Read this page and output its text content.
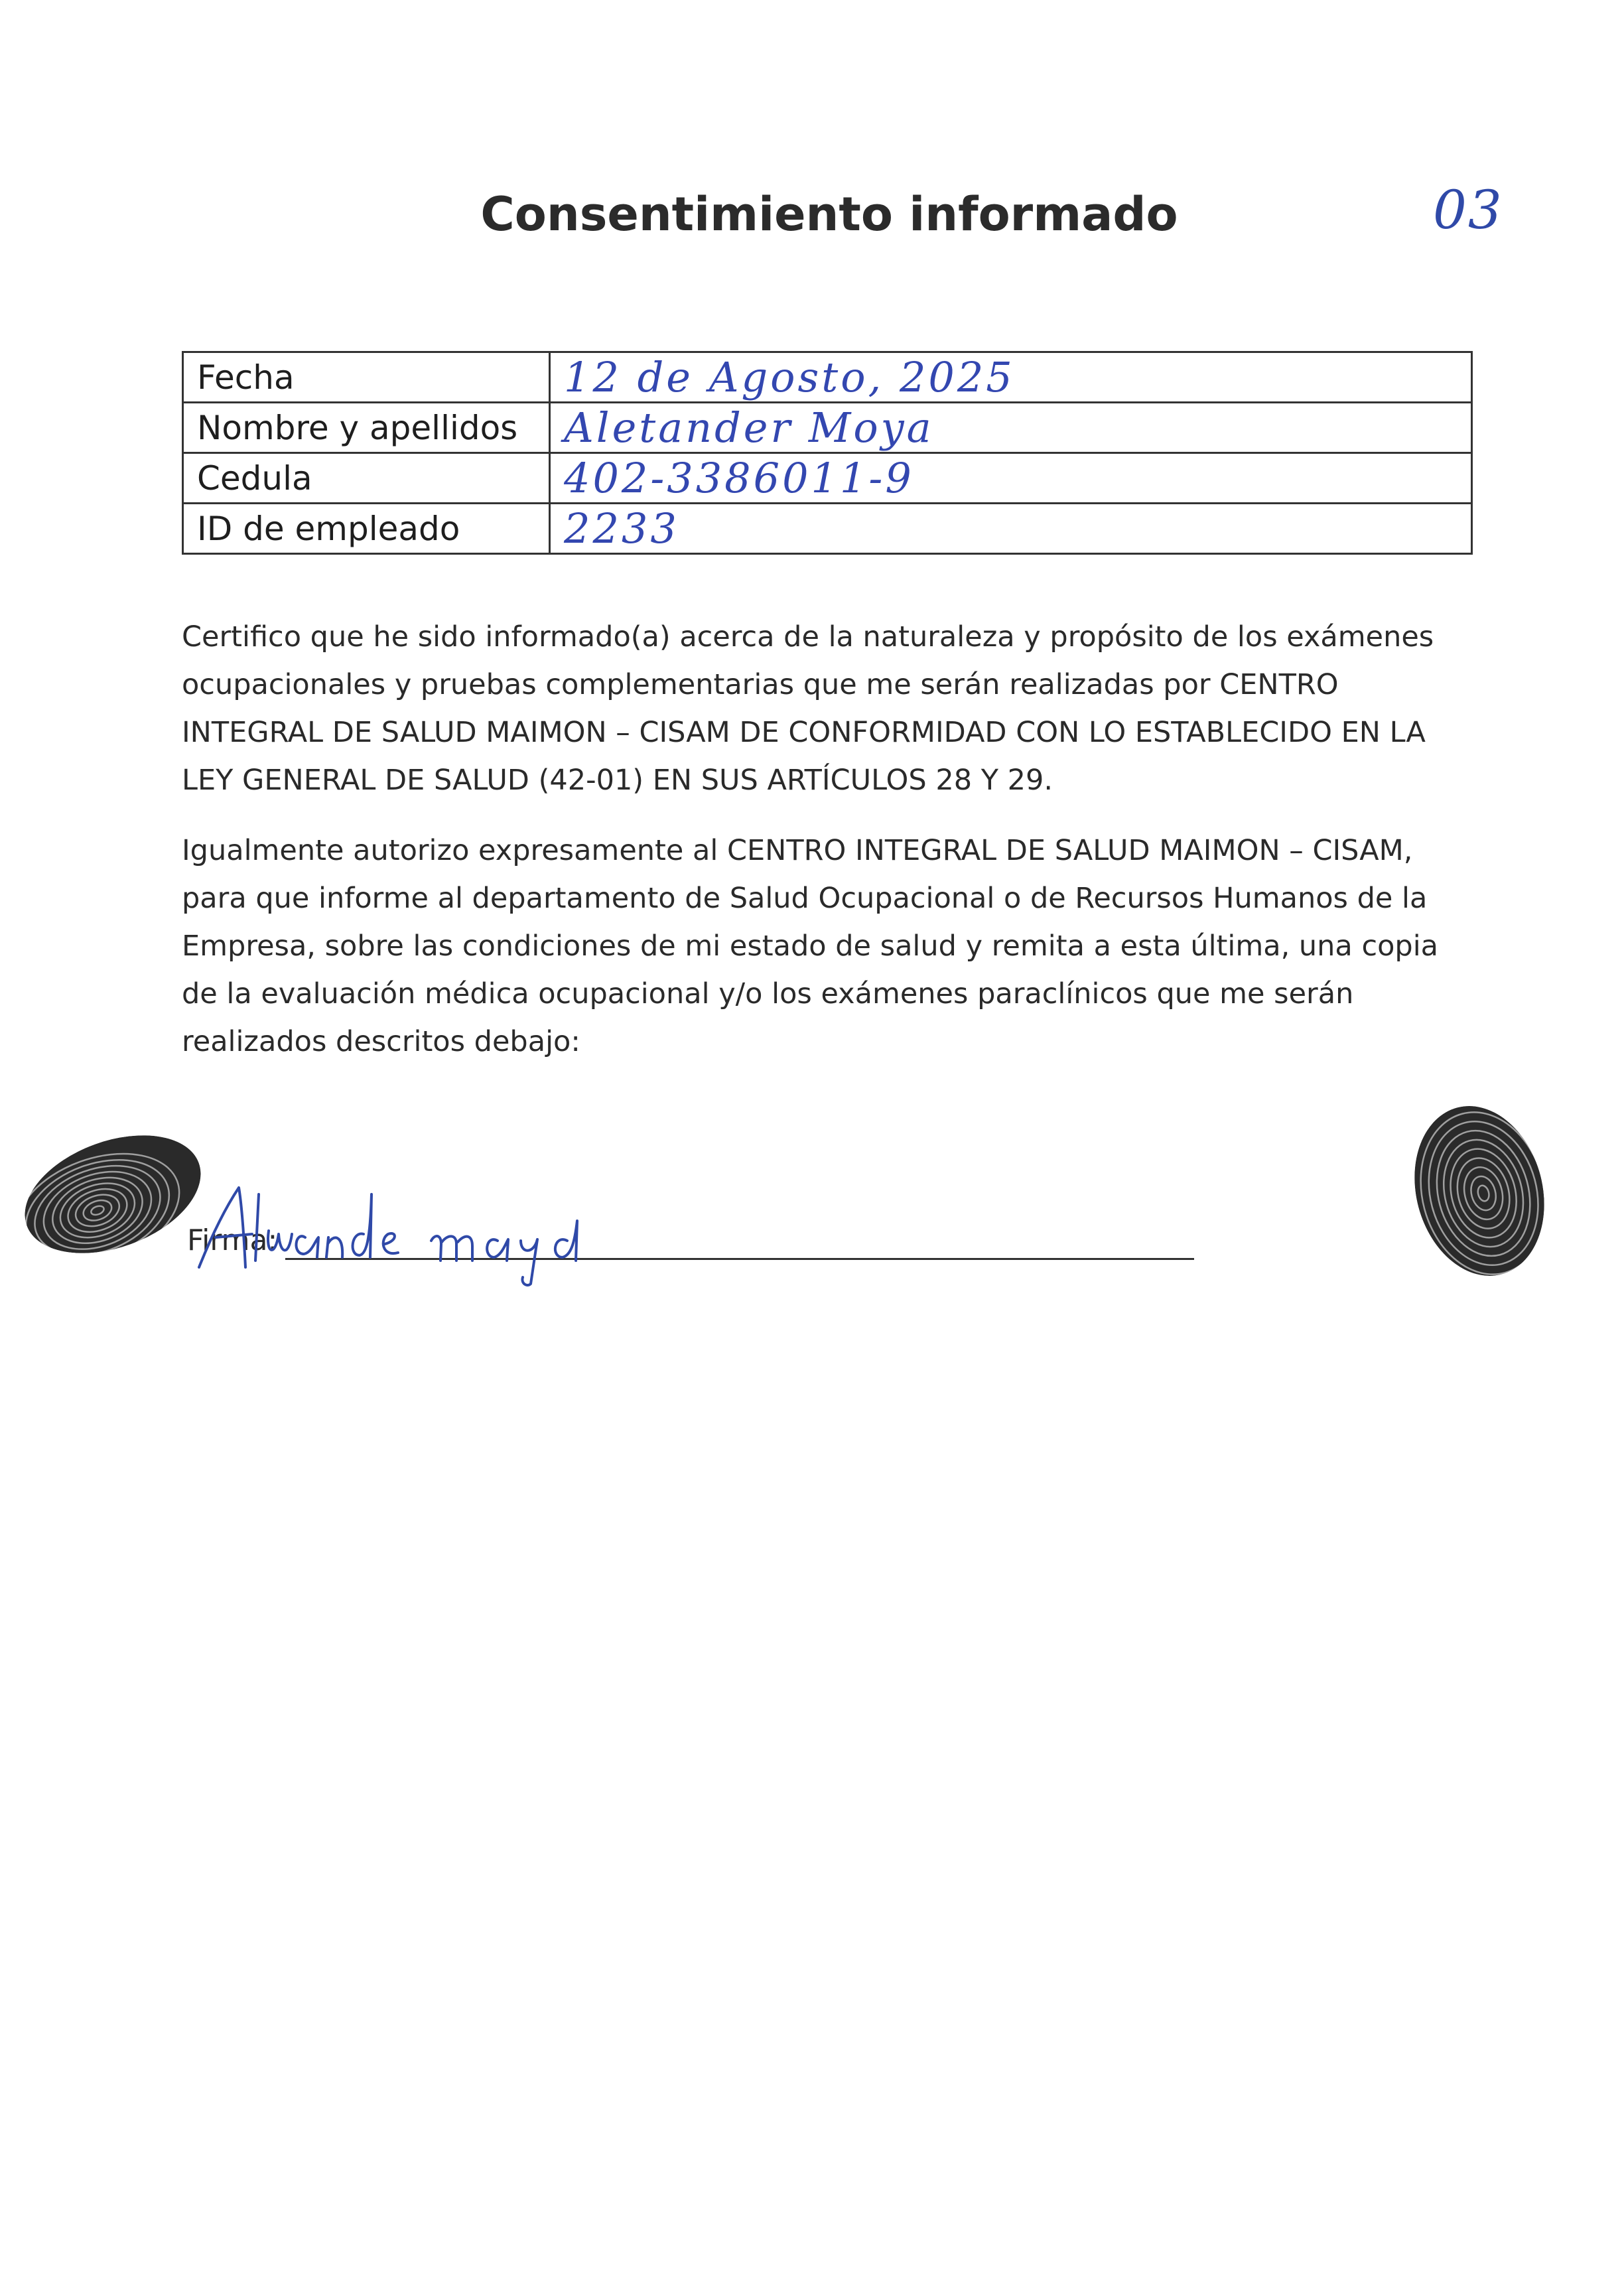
03
Consentimiento informado
Fecha	12 de Agosto, 2025
Nombre y apellidos	Aletander Moya
Cedula	402-3386011-9
ID de empleado	2233

Certifico que he sido informado(a) acerca de la naturaleza y propósito de los exámenes ocupacionales y pruebas complementarias que me serán realizadas por CENTRO INTEGRAL DE SALUD MAIMON – CISAM DE CONFORMIDAD CON LO ESTABLECIDO EN LA LEY GENERAL DE SALUD (42-01) EN SUS ARTÍCULOS 28 Y 29.

Igualmente autorizo expresamente al CENTRO INTEGRAL DE SALUD MAIMON – CISAM, para que informe al departamento de Salud Ocupacional o de Recursos Humanos de la Empresa, sobre las condiciones de mi estado de salud y remita a esta última, una copia de la evaluación médica ocupacional y/o los exámenes paraclínicos que me serán realizados descritos debajo:

Firma:
